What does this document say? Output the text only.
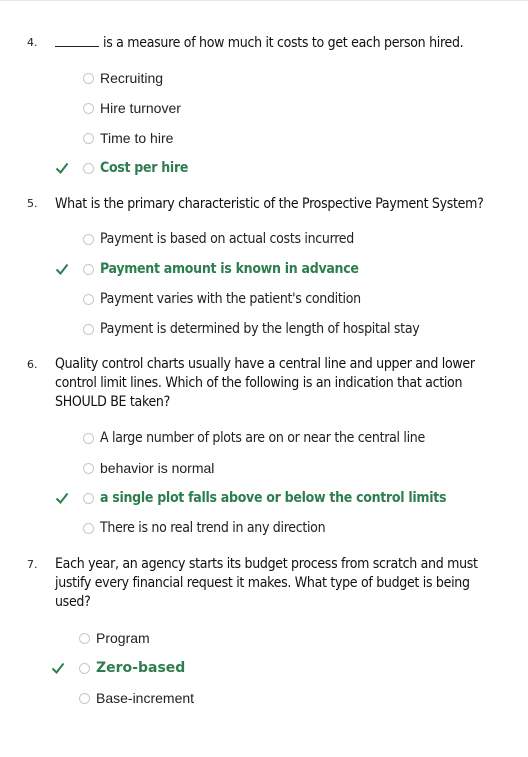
4.	is a measure of how much it costs to get each person hired.
Recruiting
Hire turnover
Time to hire
Cost per hire
5. What is the primary characteristic of the Prospective Payment System?
Payment is based on actual costs incurred
Payment amount is known in advance
Payment varies with the patient's condition
Payment is determined by the length of hospital stay
6. Quality control charts usually have a central line and upper and lower control limit lines. Which of the following is an indication that action SHOULD BE taken?
A large number of plots are on or near the central line
behavior is normal
a single plot falls above or below the control limits
There is no real trend in any direction
7. Each year, an agency starts its budget process from scratch and must justify every financial request it makes. What type of budget is being used?
Program
Zero-based
Base-increment
